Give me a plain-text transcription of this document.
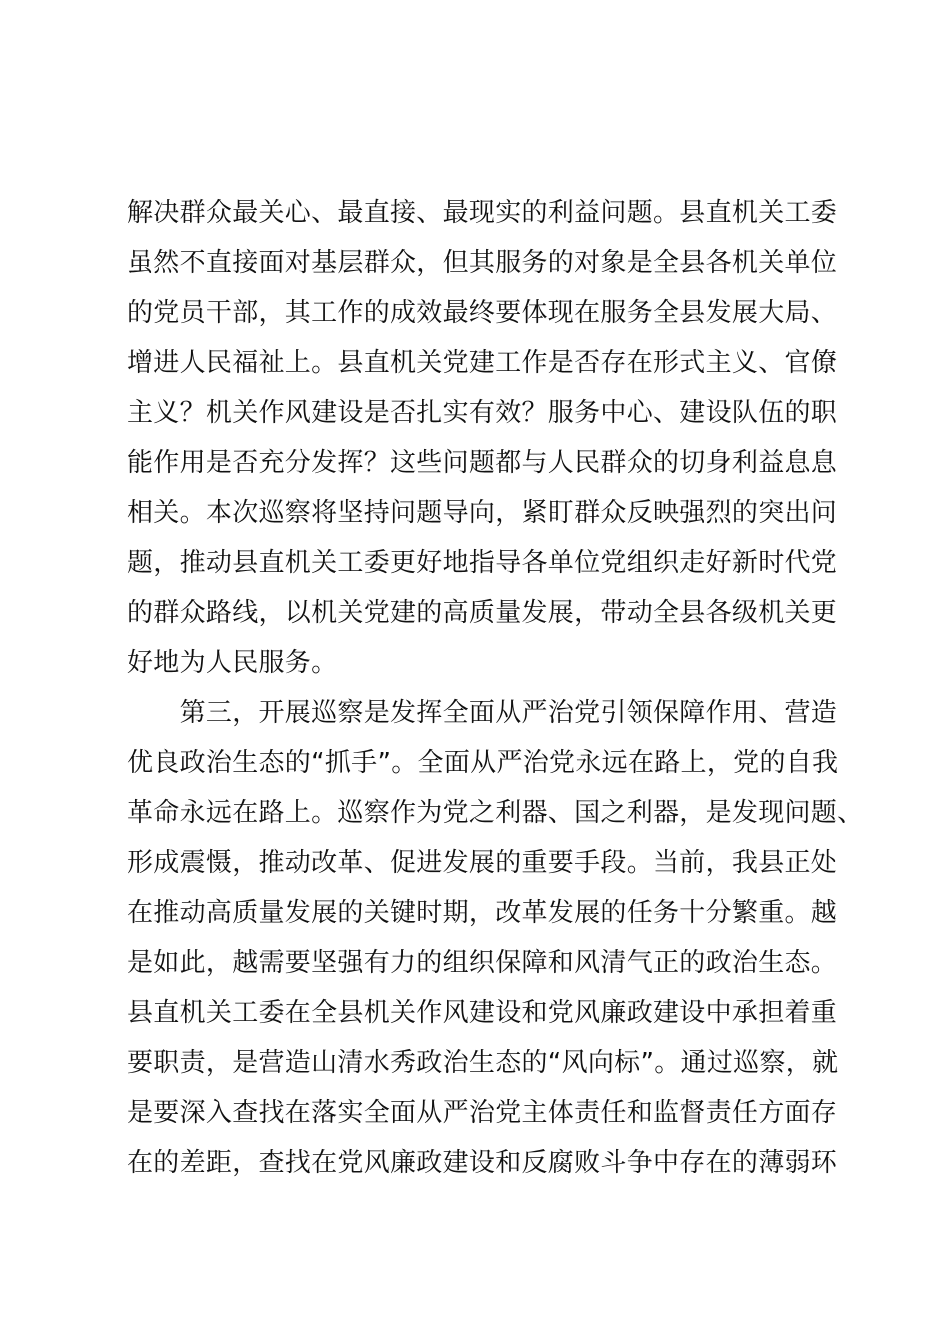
解决群众最关心、最直接、最现实的利益问题。县直机关工委
虽然不直接面对基层群众，但其服务的对象是全县各机关单位
的党员干部，其工作的成效最终要体现在服务全县发展大局、
增进人民福祉上。县直机关党建工作是否存在形式主义、官僚
主义？机关作风建设是否扎实有效？服务中心、建设队伍的职
能作用是否充分发挥？这些问题都与人民群众的切身利益息息
相关。本次巡察将坚持问题导向，紧盯群众反映强烈的突出问
题，推动县直机关工委更好地指导各单位党组织走好新时代党
的群众路线，以机关党建的高质量发展，带动全县各级机关更
好地为人民服务。
　　第三，开展巡察是发挥全面从严治党引领保障作用、营造
优良政治生态的“抓手”。全面从严治党永远在路上，党的自我
革命永远在路上。巡察作为党之利器、国之利器，是发现问题、
形成震慑，推动改革、促进发展的重要手段。当前，我县正处
在推动高质量发展的关键时期，改革发展的任务十分繁重。越
是如此，越需要坚强有力的组织保障和风清气正的政治生态。
县直机关工委在全县机关作风建设和党风廉政建设中承担着重
要职责，是营造山清水秀政治生态的“风向标”。通过巡察，就
是要深入查找在落实全面从严治党主体责任和监督责任方面存
在的差距，查找在党风廉政建设和反腐败斗争中存在的薄弱环
